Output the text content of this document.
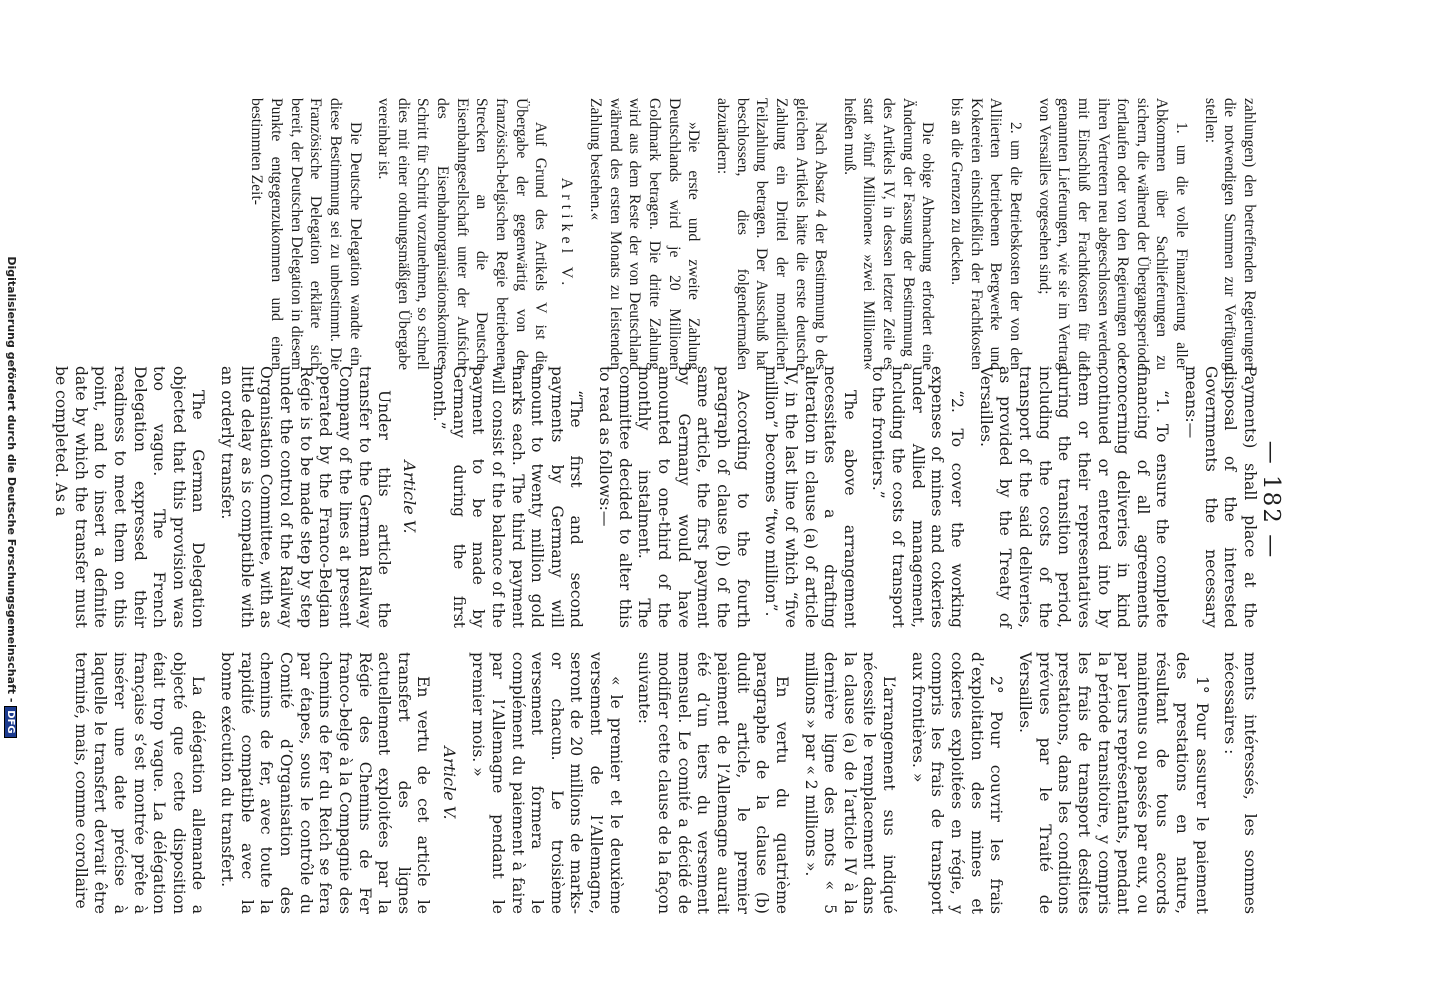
— 182 —

zahlungen) den betreffenden Regierungen die notwendigen Summen zur Verfügung stellen:

1. um die volle Finanzierung aller Abkommen über Sachlieferungen zu sichern, die während der Übergangsperiode fortlaufen oder von den Regierungen oder ihren Vertretern neu abgeschlossen werden, mit Einschluß der Frachtkosten für die genannten Lieferungen, wie sie im Vertrag von Versailles vorgesehen sind;

2. um die Betriebskosten der von den Alliierten betriebenen Bergwerke und Kokereien einschließlich der Frachtkosten bis an die Grenzen zu decken.

Die obige Abmachung erfordert eine Änderung der Fassung der Bestimmung a des Artikels IV, in dessen letzter Zeile es statt »fünf Millionen« »zwei Millionen« heißen muß.

Nach Absatz 4 der Bestimmung b des gleichen Artikels hätte die erste deutsche Zahlung ein Drittel der monatlichen Teilzahlung betragen. Der Ausschuß hat beschlossen, dies folgendermaßen abzuändern:

»Die erste und zweite Zahlung Deutschlands wird je 20 Millionen Goldmark betragen. Die dritte Zahlung wird aus dem Reste der von Deutschland während des ersten Monats zu leistenden Zahlung bestehen.«

Artikel V.

Auf Grund des Artikels V ist die Übergabe der gegenwärtig von der französisch-belgischen Regie betriebenen Strecken an die Deutsche Eisenbahngesellschaft unter der Aufsicht des Eisenbahnorganisationskomitees Schritt für Schritt vorzunehmen, so schnell dies mit einer ordnungsmäßigen Übergabe vereinbar ist.

Die Deutsche Delegation wandte ein, diese Bestimmung sei zu unbestimmt. Die Französische Delegation erklärte sich bereit, der Deutschen Delegation in diesem Punkte entgegenzukommen und einen bestimmten Zeit-

Payments) shall place at the disposal of the interested Governments the necessary means:—

“1. To ensure the complete financing of all agreements concerning deliveries in kind continued or entered into by them or their representatives during the transition period, including the costs of the transport of the said deliveries, as provided by the Treaty of Versailles.

“2. To cover the working expenses of mines and cokeries under Allied management, including the costs of transport to the frontiers.”

The above arrangement necessitates a drafting alteration in clause (a) of article IV, in the last line of which “five million” becomes “two million”.

According to the fourth paragraph of clause (b) of the same article, the first payment by Germany would have amounted to one-third of the monthly instalment. The committee decided to alter this to read as follows:—

“The first and second payments by Germany will amount to twenty million gold marks each. The third payment will consist of the balance of the payment to be made by Germany during the first month.”

Article V.

Under this article the transfer to the German Railway Company of the lines at present operated by the Franco-Belgian Régie is to be made step by step under the control of the Railway Organisation Committee, with as little delay as is compatible with an orderly transfer.

The German Delegation objected that this provision was too vague. The French Delegation expressed their readiness to meet them on this point, and to insert a definite date by which the transfer must be completed. As a

ments intéressés, les sommes nécessaires :

1° Pour assurer le paiement des prestations en nature, résultant de tous accords maintenus ou passés par eux, ou par leurs représentants, pendant la période transitoire, y compris les frais de transport desdites prestations, dans les conditions prévues par le Traité de Versailles.

2° Pour couvrir les frais d’exploitation des mines et cokeries exploitées en régie, y compris les frais de transport aux frontières. »

L’arrangement sus indiqué nécessite le remplacement dans la clause (a) de l’article IV à la dernière ligne des mots « 5 millions » par « 2 millions ».

En vertu du quatrième paragraphe de la clause (b) dudit article, le premier paiement de l’Allemagne aurait été d’un tiers du versement mensuel. Le comité a décidé de modifier cette clause de la façon suivante:

« le premier et le deuxième versement de l’Allemagne, seront de 20 millions de marks-or chacun. Le troisième versement formera le complément du paiement à faire par l’Allemagne pendant le premier mois. »

Article V.

En vertu de cet article le transfert des lignes actuellement exploitées par la Régie des Chemins de Fer franco-belge à la Compagnie des chemins de fer du Reich se fera par étapes, sous le contrôle du Comité d’Organisation des chemins de fer, avec toute la rapidité compatible avec la bonne exécution du transfert.

La délégation allemande a objecté que cette disposition était trop vague. La délégation française s’est montrée prête à insérer une date précise à laquelle le transfert devrait être terminé, mais, comme corollaire

Digitalisierung gefördert durch die Deutsche Forschungsgemeinschaft - DFG
